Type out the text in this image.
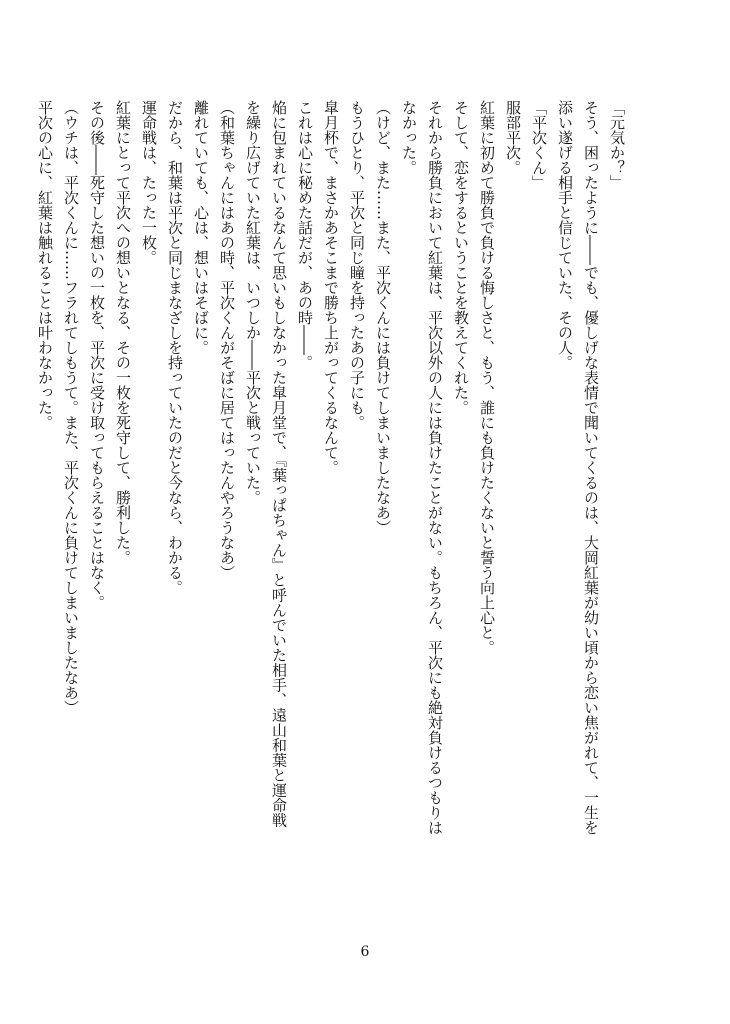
「元気か？」

そう、困ったように――でも、優しげな表情で聞いてくるのは、大岡紅葉が幼い頃から恋い焦がれて、一生を添い遂げる相手と信じていた、その人。

「平次くん」

服部平次。

紅葉に初めて勝負で負ける悔しさと、もう、誰にも負けたくないと誓う向上心と。

そして、恋をするということを教えてくれた。

それから勝負において紅葉は、平次以外の人には負けたことがない。もちろん、平次にも絶対負けるつもりはなかった。

（けど、また……また、平次くんには負けてしまいましたなあ）

もうひとり、平次と同じ瞳を持ったあの子にも。

皐月杯で、まさかあそこまで勝ち上がってくるなんて。

これは心に秘めた話だが、あの時――。

焔に包まれているなんて思いもしなかった皐月堂で、『葉っぱちゃん』と呼んでいた相手、遠山和葉と運命戦を繰り広げていた紅葉は、いつしか――平次と戦っていた。

（和葉ちゃんにはあの時、平次くんがそばに居てはったんやろうなあ）

離れていても、心は、想いはそばに。

だから、和葉は平次と同じまなざしを持っていたのだと今なら、わかる。

運命戦は、たった一枚。

紅葉にとって平次への想いとなる、その一枚を死守して、勝利した。

その後――死守した想いの一枚を、平次に受け取ってもらえることはなく。

（ウチは、平次くんに……フラれてしもうて。また、平次くんに負けてしまいましたなあ）

平次の心に、紅葉は触れることは叶わなかった。

6
